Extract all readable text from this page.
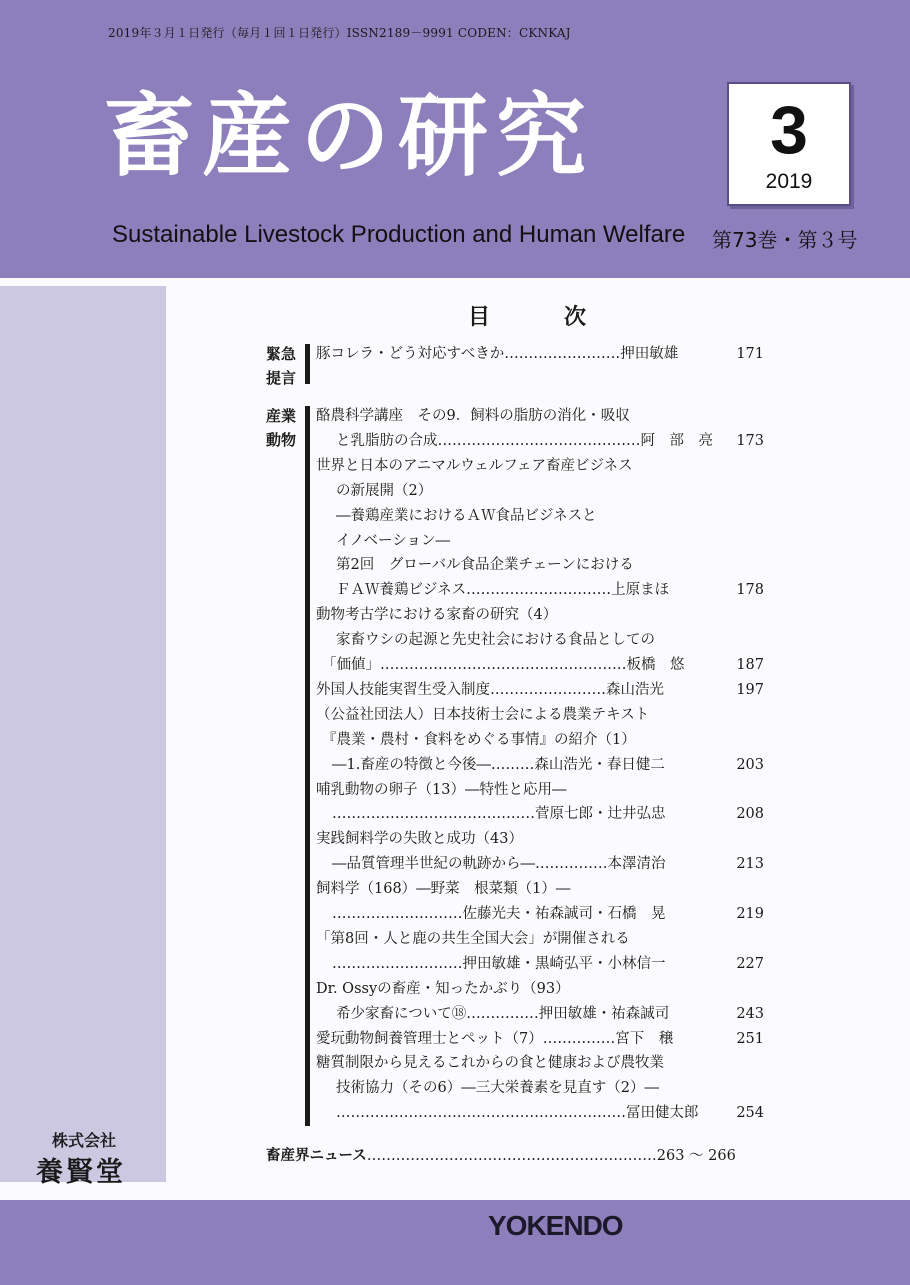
2019年３月１日発行（毎月１回１日発行）ISSN2189－9991 CODEN：CKNKAJ
畜産の研究
Sustainable Livestock Production and Human Welfare
3
2019
第73巻・第３号
目　次
緊急
提言
豚コレラ・どう対応すべきか……………………押田敏雄	171
産業
動物
酪農科学講座　その9．飼料の脂肪の消化・吸収
と乳脂肪の合成……………………………………阿　部　亮 173
世界と日本のアニマルウェルフェア畜産ビジネス
の新展開（2）
―養鶏産業におけるＡＷ食品ビジネスと
イノベーション―
第2回　グローバル食品企業チェーンにおける
ＦＡＷ養鶏ビジネス…………………………上原まほ	178
動物考古学における家畜の研究（4）
家畜ウシの起源と先史社会における食品としての
「価値」……………………………………………板橋　悠	187
外国人技能実習生受入制度……………………森山浩光	197
（公益社団法人）日本技術士会による農業テキスト
『農業・農村・食料をめぐる事情』の紹介（1）
―1.畜産の特徴と今後―………森山浩光・春日健二	203
哺乳動物の卵子（13）―特性と応用―
……………………………………菅原七郎・辻井弘忠	208
実践飼料学の失敗と成功（43）
―品質管理半世紀の軌跡から―……………本澤清治	213
飼料学（168）―野菜　根菜類（1）―
………………………佐藤光夫・祐森誠司・石橋　晃	219
「第8回・人と鹿の共生全国大会」が開催される
………………………押田敏雄・黒崎弘平・小林信一	227
Dr. Ossyの畜産・知ったかぶり（93）
希少家畜について⑱……………押田敏雄・祐森誠司	243
愛玩動物飼養管理士とペット（7）……………宮下　穣	251
糖質制限から見えるこれからの食と健康および農牧業
技術協力（その6）―三大栄養素を見直す（2）―
……………………………………………………冨田健太郎	254
畜産界ニュース……………………………………………………263 ～ 266
株式会社
養賢堂
YOKENDO
